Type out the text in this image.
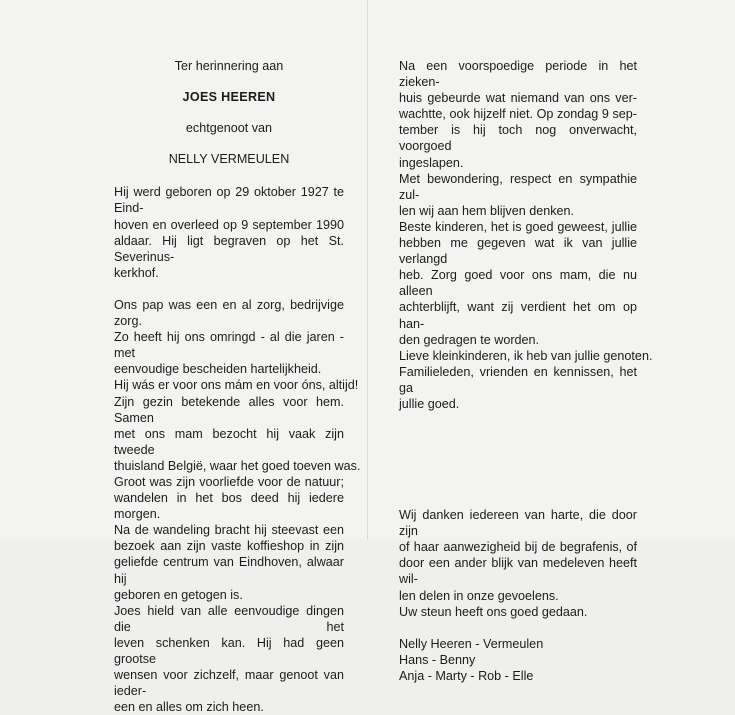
Ter herinnering aan
JOES HEEREN
echtgenoot van
NELLY VERMEULEN
Hij werd geboren op 29 oktober 1927 te Eind-
hoven en overleed op 9 september 1990
aldaar. Hij ligt begraven op het St. Severinus-
kerkhof.
Ons pap was een en al zorg, bedrijvige zorg.
Zo heeft hij ons omringd - al die jaren - met
eenvoudige bescheiden hartelijkheid.
Hij wás er voor ons mám en voor óns, altijd!
Zijn gezin betekende alles voor hem. Samen
met ons mam bezocht hij vaak zijn tweede
thuisland België, waar het goed toeven was.
Groot was zijn voorliefde voor de natuur;
wandelen in het bos deed hij iedere morgen.
Na de wandeling bracht hij steevast een
bezoek aan zijn vaste koffieshop in zijn
geliefde centrum van Eindhoven, alwaar hij
geboren en getogen is.
Joes hield van alle eenvoudige dingen die het
leven schenken kan. Hij had geen grootse
wensen voor zichzelf, maar genoot van ieder-
een en alles om zich heen.
Na een voorspoedige periode in het zieken-
huis gebeurde wat niemand van ons ver-
wachtte, ook hijzelf niet. Op zondag 9 sep-
tember is hij toch nog onverwacht, voorgoed
ingeslapen.
Met bewondering, respect en sympathie zul-
len wij aan hem blijven denken.
Beste kinderen, het is goed geweest, jullie
hebben me gegeven wat ik van jullie verlangd
heb. Zorg goed voor ons mam, die nu alleen
achterblijft, want zij verdient het om op han-
den gedragen te worden.
Lieve kleinkinderen, ik heb van jullie genoten.
Familieleden, vrienden en kennissen, het ga
jullie goed.
Wij danken iedereen van harte, die door zijn
of haar aanwezigheid bij de begrafenis, of
door een ander blijk van medeleven heeft wil-
len delen in onze gevoelens.
Uw steun heeft ons goed gedaan.
Nelly Heeren - Vermeulen
Hans - Benny
Anja - Marty - Rob - Elle
